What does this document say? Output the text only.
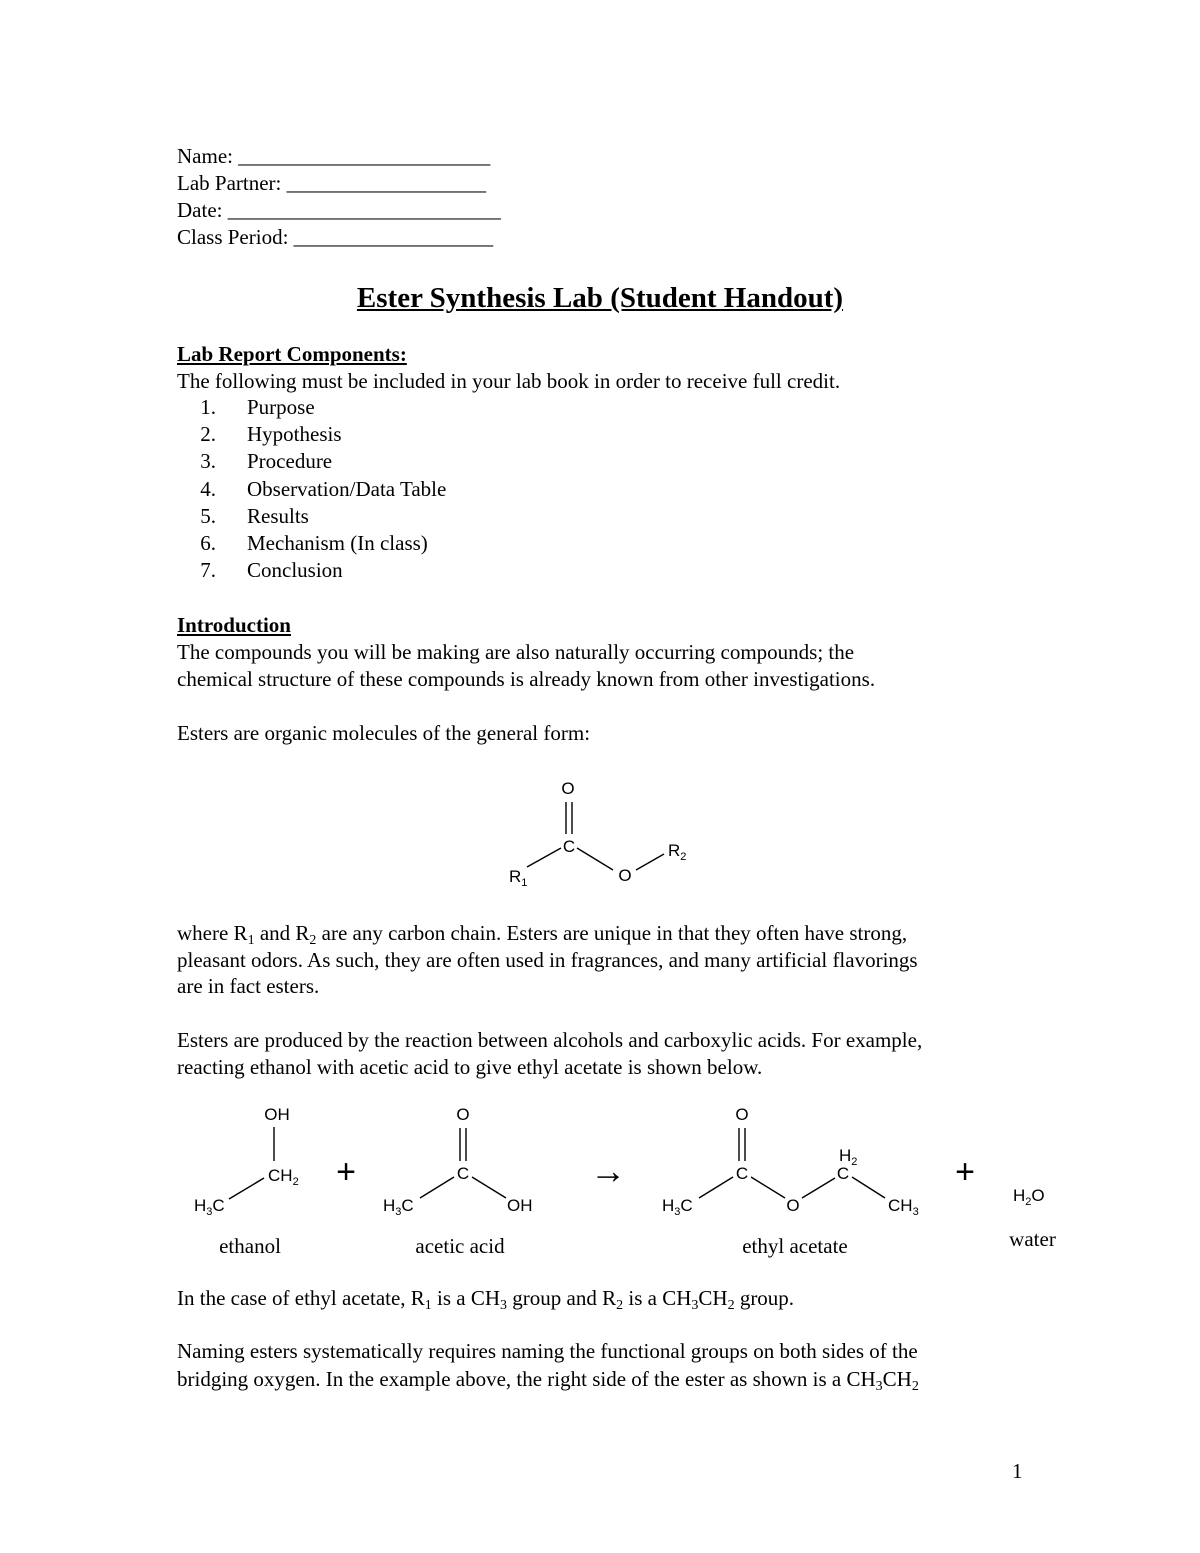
Name: ________________________
Lab Partner: ___________________
Date: __________________________
Class Period: ___________________
Ester Synthesis Lab (Student Handout)
Lab Report Components:
The following must be included in your lab book in order to receive full credit.
1. Purpose
2. Hypothesis
3. Procedure
4. Observation/Data Table
5. Results
6. Mechanism (In class)
7. Conclusion
Introduction
The compounds you will be making are also naturally occurring compounds; the
chemical structure of these compounds is already known from other investigations.
Esters are organic molecules of the general form:
O
C
O
$R_1$
$R_2$
where $R_1$ and $R_2$ are any carbon chain. Esters are unique in that they often have strong,
pleasant odors. As such, they are often used in fragrances, and many artificial flavorings
are in fact esters.
Esters are produced by the reaction between alcohols and carboxylic acids. For example,
reacting ethanol with acetic acid to give ethyl acetate is shown below.
OH
$CH_2$
$H_3C$
+
O
C
$H_3C$	OH
→
O
C
$H_3C$	O
$H_2$
C
$CH_3$
+
$H_2O$
ethanol	acetic acid	ethyl acetate	water
In the case of ethyl acetate, $R_1$ is a $CH_3$ group and $R_2$ is a $CH_3CH_2$ group.
Naming esters systematically requires naming the functional groups on both sides of the
bridging oxygen. In the example above, the right side of the ester as shown is a $CH_3CH_2$
1
